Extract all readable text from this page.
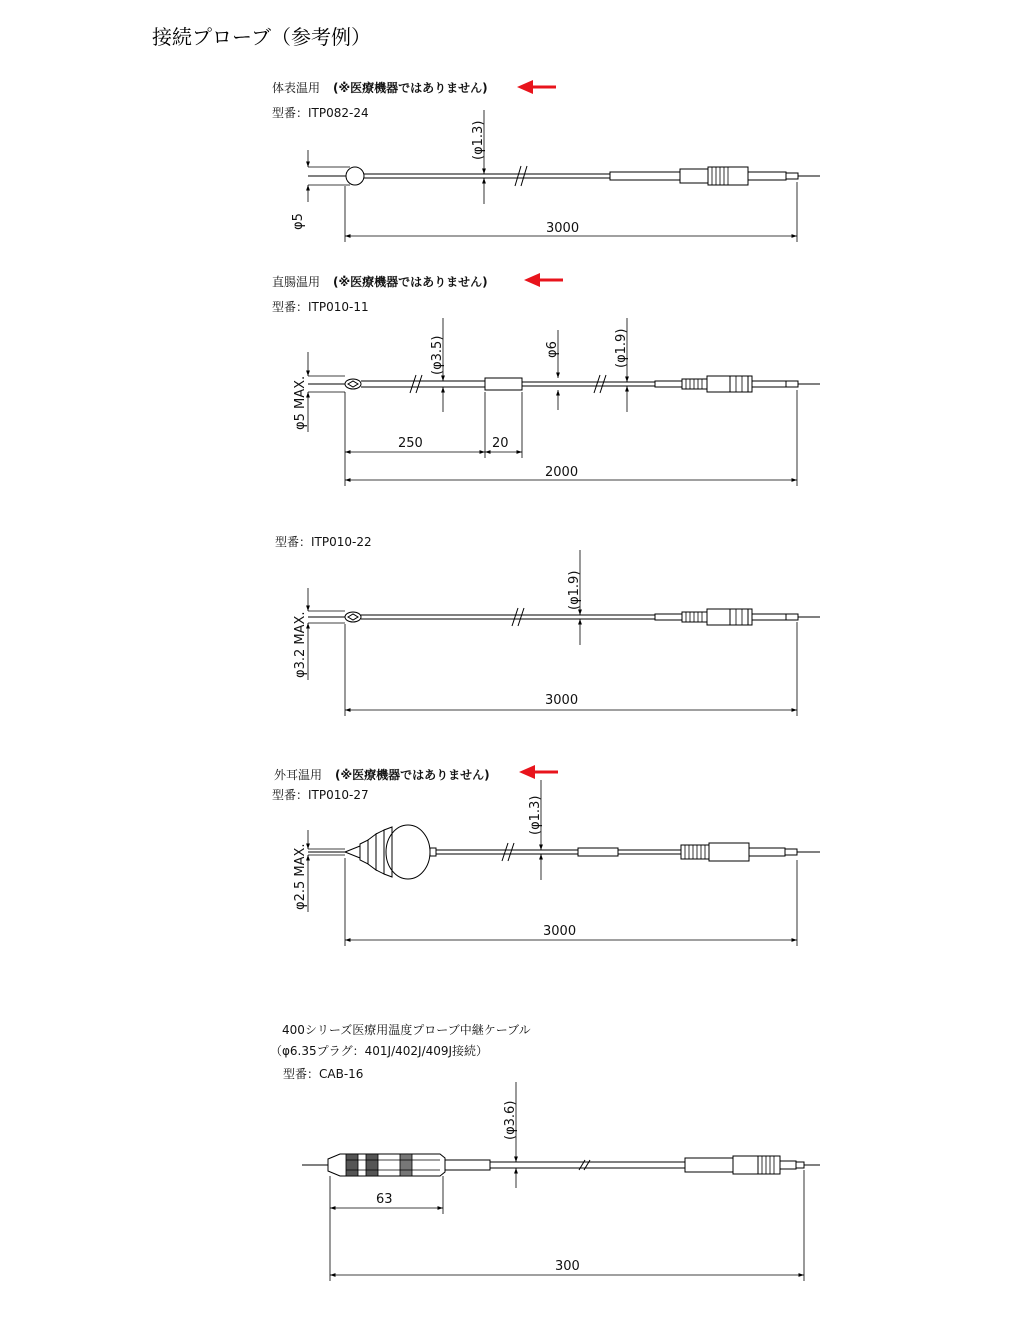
接続プローブ（参考例）
体表温用 (※医療機器ではありません)
型番：ITP082-24
φ5
(φ1.3)
3000
直腸温用 (※医療機器ではありません)
型番：ITP010-11
φ5 MAX.
(φ3.5)	φ6	(φ1.9)
250	20
2000
型番：ITP010-22
φ3.2 MAX.
(φ1.9)
3000
外耳温用 (※医療機器ではありません)
型番：ITP010-27
φ2.5 MAX.
(φ1.3)
3000
400シリーズ医療用温度プローブ中継ケーブル
（φ6.35プラグ：401J/402J/409J接続）
型番：CAB-16
(φ3.6)
63
300
